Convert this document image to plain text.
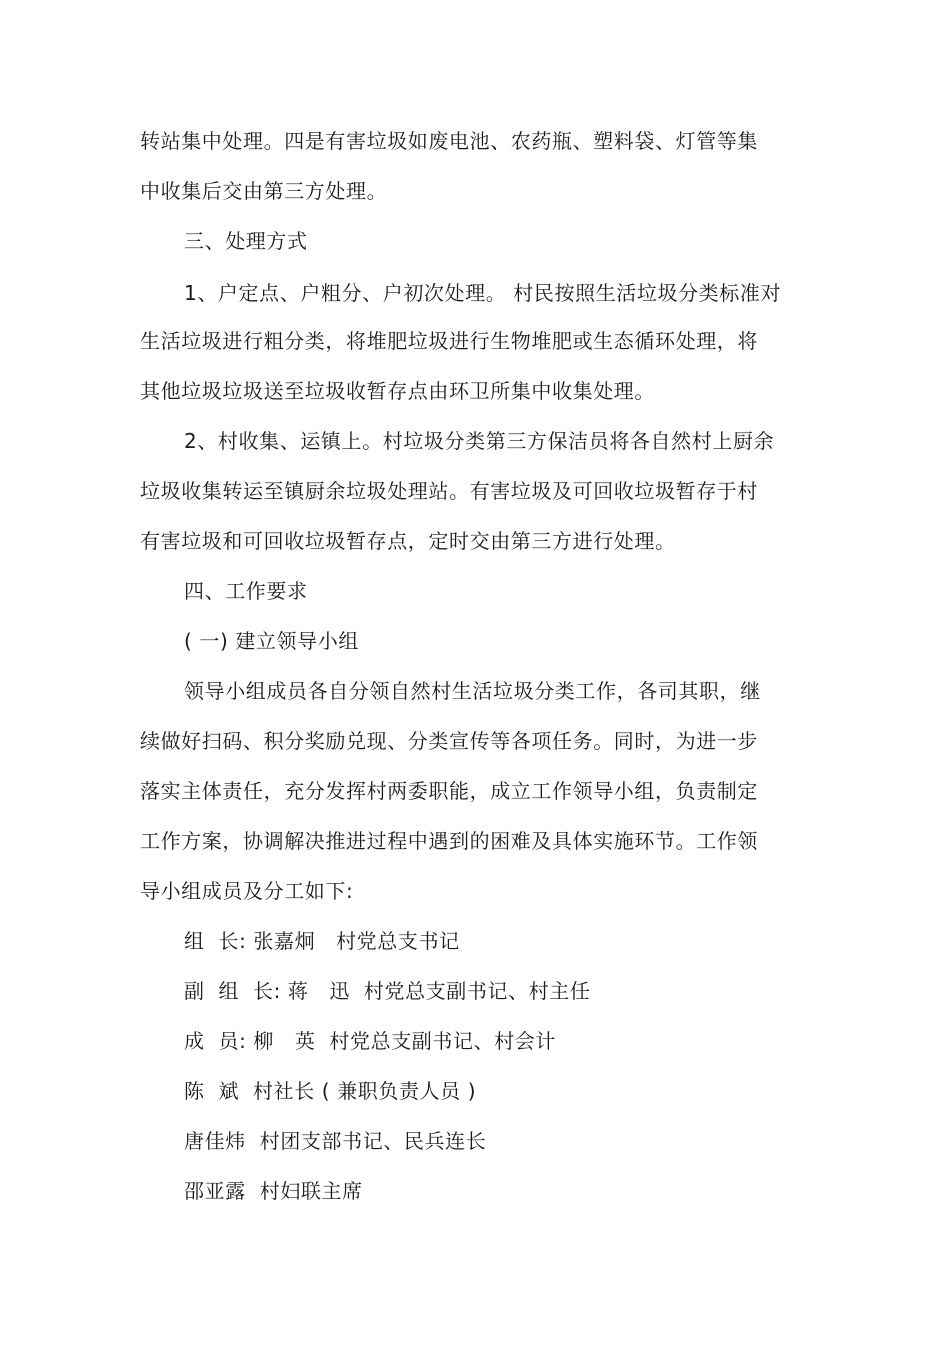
转站集中处理。四是有害垃圾如废电池、农药瓶、塑料袋、灯管等集

中收集后交由第三方处理。

三、处理方式

1、户定点、户粗分、户初次处理。 村民按照生活垃圾分类标准对

生活垃圾进行粗分类，将堆肥垃圾进行生物堆肥或生态循环处理，将

其他垃圾垃圾送至垃圾收暂存点由环卫所集中收集处理。

2、村收集、运镇上。村垃圾分类第三方保洁员将各自然村上厨余

垃圾收集转运至镇厨余垃圾处理站。有害垃圾及可回收垃圾暂存于村

有害垃圾和可回收垃圾暂存点，定时交由第三方进行处理。

四、工作要求

( 一) 建立领导小组

领导小组成员各自分领自然村生活垃圾分类工作，各司其职，继

续做好扫码、积分奖励兑现、分类宣传等各项任务。同时，为进一步

落实主体责任，充分发挥村两委职能，成立工作领导小组，负责制定

工作方案，协调解决推进过程中遇到的困难及具体实施环节。工作领

导小组成员及分工如下:

组  长: 张嘉炯   村党总支书记

副  组  长: 蒋   迅  村党总支副书记、村主任

成  员: 柳   英  村党总支副书记、村会计

陈  斌  村社长 ( 兼职负责人员 )

唐佳炜  村团支部书记、民兵连长

邵亚露  村妇联主席
